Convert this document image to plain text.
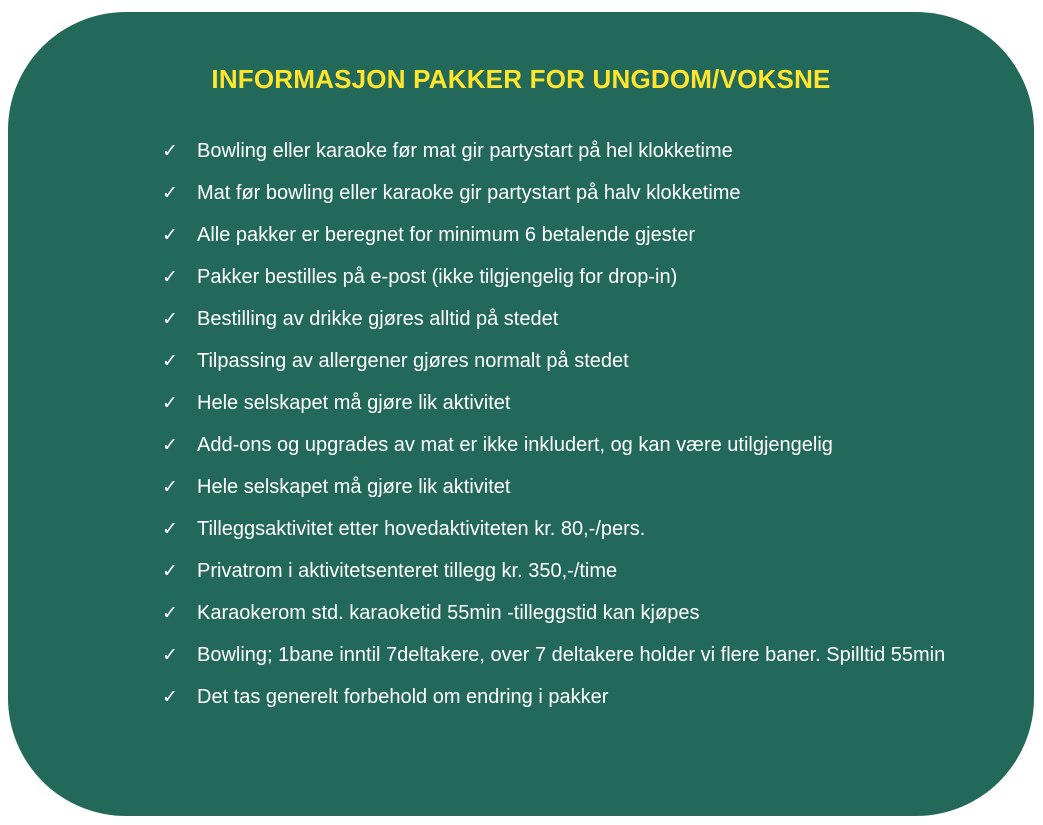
INFORMASJON PAKKER FOR UNGDOM/VOKSNE
✓ Bowling eller karaoke før mat gir partystart på hel klokketime
✓ Mat før bowling eller karaoke gir partystart på halv klokketime
✓ Alle pakker er beregnet for minimum 6 betalende gjester
✓ Pakker bestilles på e-post (ikke tilgjengelig for drop-in)
✓ Bestilling av drikke gjøres alltid på stedet
✓ Tilpassing av allergener gjøres normalt på stedet
✓ Hele selskapet må gjøre lik aktivitet
✓ Add-ons og upgrades av mat er ikke inkludert, og kan være utilgjengelig
✓ Hele selskapet må gjøre lik aktivitet
✓ Tilleggsaktivitet etter hovedaktiviteten kr. 80,-/pers.
✓ Privatrom i aktivitetsenteret tillegg kr. 350,-/time
✓ Karaokerom std. karaoketid 55min -tilleggstid kan kjøpes
✓ Bowling; 1bane inntil 7deltakere, over 7 deltakere holder vi flere baner. Spilltid 55min
✓ Det tas generelt forbehold om endring i pakker
